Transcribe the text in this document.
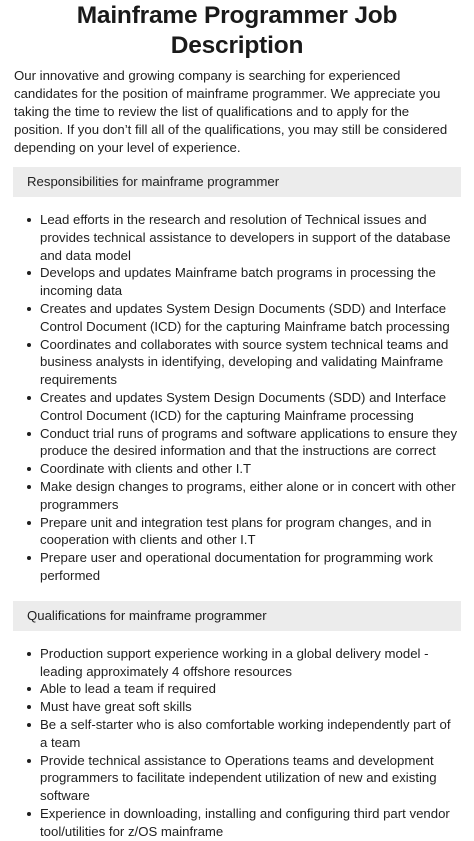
Mainframe Programmer Job Description

Our innovative and growing company is searching for experienced candidates for the position of mainframe programmer. We appreciate you taking the time to review the list of qualifications and to apply for the position. If you don’t fill all of the qualifications, you may still be considered depending on your level of experience.

Responsibilities for mainframe programmer
Lead efforts in the research and resolution of Technical issues and provides technical assistance to developers in support of the database and data model
Develops and updates Mainframe batch programs in processing the incoming data
Creates and updates System Design Documents (SDD) and Interface Control Document (ICD) for the capturing Mainframe batch processing
Coordinates and collaborates with source system technical teams and business analysts in identifying, developing and validating Mainframe requirements
Creates and updates System Design Documents (SDD) and Interface Control Document (ICD) for the capturing Mainframe processing
Conduct trial runs of programs and software applications to ensure they produce the desired information and that the instructions are correct
Coordinate with clients and other I.T
Make design changes to programs, either alone or in concert with other programmers
Prepare unit and integration test plans for program changes, and in cooperation with clients and other I.T
Prepare user and operational documentation for programming work performed
Qualifications for mainframe programmer
Production support experience working in a global delivery model - leading approximately 4 offshore resources
Able to lead a team if required
Must have great soft skills
Be a self-starter who is also comfortable working independently part of a team
Provide technical assistance to Operations teams and development programmers to facilitate independent utilization of new and existing software
Experience in downloading, installing and configuring third part vendor tool/utilities for z/OS mainframe
